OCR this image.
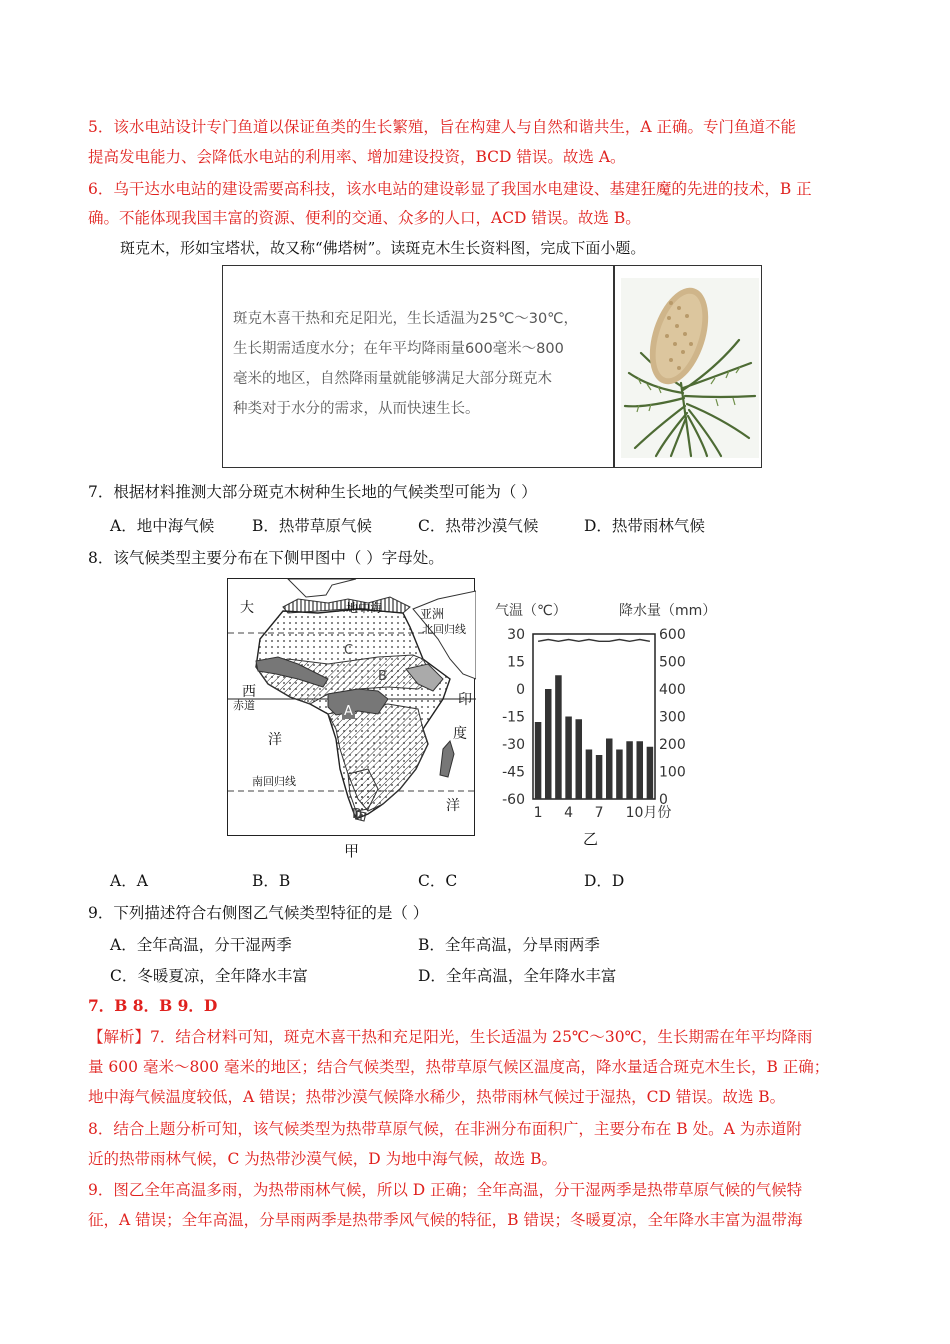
5．该水电站设计专门鱼道以保证鱼类的生长繁殖，旨在构建人与自然和谐共生，A 正确。专门鱼道不能
提高发电能力、会降低水电站的利用率、增加建设投资，BCD 错误。故选 A。
6．乌干达水电站的建设需要高科技，该水电站的建设彰显了我国水电建设、基建狂魔的先进的技术，B 正
确。不能体现我国丰富的资源、便利的交通、众多的人口，ACD 错误。故选 B。
斑克木，形如宝塔状，故又称“佛塔树”。读斑克木生长资料图，完成下面小题。
斑克木喜干热和充足阳光，生长适温为25℃～30℃，
生长期需适度水分；在年平均降雨量600毫米～800
毫米的地区，自然降雨量就能够满足大部分斑克木
种类对于水分的需求，从而快速生长。
7．根据材料推测大部分斑克木树种生长地的气候类型可能为（ ）
A．地中海气候 B．热带草原气候	C．热带沙漠气候	D．热带雨林气候
8．该气候类型主要分布在下侧甲图中（ ）字母处。
大	地中海	亚洲
北回归线
C
B
西
赤道	A
印
洋	度
南回归线
洋
D
甲
气温（℃）	降水量（mm）
30
15
0
-15
-30
-45
-60
600
500
400
300
200
100
0
1 4 7 10月份
乙
A．A	B．B	C．C	D．D
9．下列描述符合右侧图乙气候类型特征的是（ ）
A．全年高温，分干湿两季	B．全年高温，分旱雨两季
C．冬暖夏凉，全年降水丰富	D．全年高温，全年降水丰富
7．B 8．B 9．D
【解析】7．结合材料可知，斑克木喜干热和充足阳光，生长适温为 25℃～30℃，生长期需在年平均降雨
量 600 毫米～800 毫米的地区；结合气候类型，热带草原气候区温度高，降水量适合斑克木生长，B 正确；
地中海气候温度较低，A 错误；热带沙漠气候降水稀少，热带雨林气候过于湿热，CD 错误。故选 B。
8．结合上题分析可知，该气候类型为热带草原气候，在非洲分布面积广，主要分布在 B 处。A 为赤道附
近的热带雨林气候，C 为热带沙漠气候，D 为地中海气候，故选 B。
9．图乙全年高温多雨，为热带雨林气候，所以 D 正确；全年高温，分干湿两季是热带草原气候的气候特
征，A 错误；全年高温，分旱雨两季是热带季风气候的特征，B 错误；冬暖夏凉，全年降水丰富为温带海
